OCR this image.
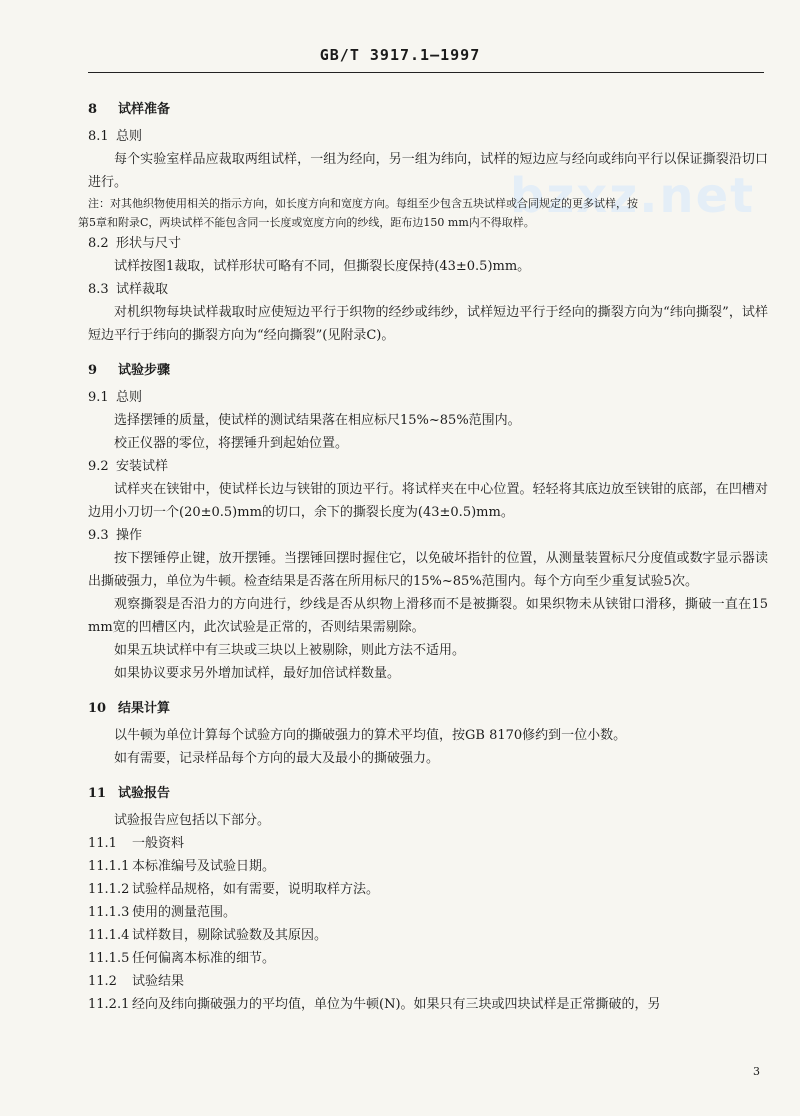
GB/T 3917.1—1997
bzxz.net
8 试样准备
8.1 总则
每个实验室样品应裁取两组试样，一组为经向，另一组为纬向，试样的短边应与经向或纬向平行以保证撕裂沿切口进行。
注：对其他织物使用相关的指示方向，如长度方向和宽度方向。每组至少包含五块试样或合同规定的更多试样，按
第5章和附录C，两块试样不能包含同一长度或宽度方向的纱线，距布边150 mm内不得取样。
8.2 形状与尺寸
试样按图1裁取，试样形状可略有不同，但撕裂长度保持(43±0.5)mm。
8.3 试样裁取
对机织物每块试样裁取时应使短边平行于织物的经纱或纬纱，试样短边平行于经向的撕裂方向为“纬向撕裂”，试样短边平行于纬向的撕裂方向为“经向撕裂”(见附录C)。
9 试验步骤
9.1 总则
选择摆锤的质量，使试样的测试结果落在相应标尺15%~85%范围内。
校正仪器的零位，将摆锤升到起始位置。
9.2 安装试样
试样夹在铗钳中，使试样长边与铗钳的顶边平行。将试样夹在中心位置。轻轻将其底边放至铗钳的底部，在凹槽对边用小刀切一个(20±0.5)mm的切口，余下的撕裂长度为(43±0.5)mm。
9.3 操作
按下摆锤停止键，放开摆锤。当摆锤回摆时握住它，以免破坏指针的位置，从测量装置标尺分度值或数字显示器读出撕破强力，单位为牛顿。检查结果是否落在所用标尺的15%~85%范围内。每个方向至少重复试验5次。
观察撕裂是否沿力的方向进行，纱线是否从织物上滑移而不是被撕裂。如果织物未从铗钳口滑移，撕破一直在15 mm宽的凹槽区内，此次试验是正常的，否则结果需剔除。
如果五块试样中有三块或三块以上被剔除，则此方法不适用。
如果协议要求另外增加试样，最好加倍试样数量。
10 结果计算
以牛顿为单位计算每个试验方向的撕破强力的算术平均值，按GB 8170修约到一位小数。
如有需要，记录样品每个方向的最大及最小的撕破强力。
11 试验报告
试验报告应包括以下部分。
11.1 一般资料
11.1.1 本标准编号及试验日期。
11.1.2 试验样品规格，如有需要，说明取样方法。
11.1.3 使用的测量范围。
11.1.4 试样数目，剔除试验数及其原因。
11.1.5 任何偏离本标准的细节。
11.2 试验结果
11.2.1 经向及纬向撕破强力的平均值，单位为牛顿(N)。如果只有三块或四块试样是正常撕破的，另
3
